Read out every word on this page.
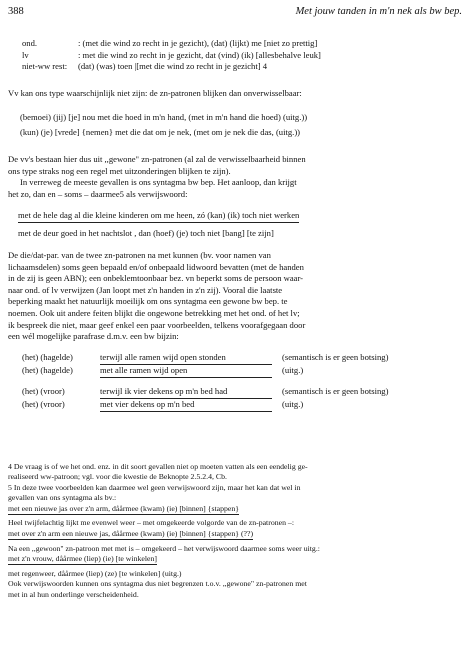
388	Met jouw tanden in m'n nek als bw bep.
ond.	: (met die wind zo recht in je gezicht), (dat) (lijkt) me [niet zo prettig]
lv	: met die wind zo recht in je gezicht, dat (vind) (ik) [allesbehalve leuk]
niet-ww rest:	(dat) (was) toen |[met die wind zo recht in je gezicht] 4
Vv kan ons type waarschijnlijk niet zijn: de zn-patronen blijken dan onverwisselbaar:
(bemoei) (jij) [je] nou met die hoed in m'n hand, (met in m'n hand die hoed) (uitg.))
(kun) (je) [vrede] {nemen} met die dat om je nek, (met om je nek die das, (uitg.))
De vv's bestaan hier dus uit ,,gewone" zn-patronen (al zal de verwisselbaarheid binnen
ons type straks nog een regel met uitzonderingen blijken te zijn).
In verreweg de meeste gevallen is ons syntagma bw bep. Het aanloop, dan krijgt
het zo, dan en – soms – daarmee5 als verwijswoord:
met de hele dag al die kleine kinderen om me heen, zó (kan) (ik) toch niet werken
met de deur goed in het nachtslot , dan (hoef) (je) toch niet [bang] [te zijn]
De die/dat-par. van de twee zn-patronen na met kunnen (bv. voor namen van
lichaamsdelen) soms geen bepaald en/of onbepaald lidwoord bevatten (met de handen
in de zij is geen ABN); een onbeklemtoonbaar bez. vn beperkt soms de persoon waar-
naar ond. of lv verwijzen (Jan loopt met z'n handen in z'n zij). Vooral die laatste
beperking maakt het natuurlijk moeilijk om ons syntagma een gewone bw bep. te
noemen. Ook uit andere feiten blijkt die ongewone betrekking met het ond. of het lv;
ik bespreek die niet, maar geef enkel een paar voorbeelden, telkens voorafgegaan door
een wél mogelijke parafrase d.m.v. een bw bijzin:
(het) (hagelde)	terwijl alle ramen wijd open stonden	(semantisch is er geen botsing)
(het) (hagelde)	met alle ramen wijd open	(uitg.)
(het) (vroor)	terwijl ik vier dekens op m'n bed had	(semantisch is er geen botsing)
(het) (vroor)	met vier dekens op m'n bed	(uitg.)
4 De vraag is of we het ond. enz. in dit soort gevallen niet op moeten vatten als een eendelig ge-
realiseerd ww-patroon; vgl. voor die kwestie de Beknopte 2.5.2.4, Cb.
5 In deze twee voorbeelden kan daarmee wel geen verwijswoord zijn, maar het kan dat wel in
gevallen van ons syntagma als bv.:
met een nieuwe jas over z'n arm, dåårmee (kwam) (ie) [binnen] {stappen}
Heel twijfelachtig lijkt me evenwel weer – met omgekeerde volgorde van de zn-patronen –:
met over z'n arm een nieuwe jas, dåårmee (kwam) (ie) [binnen] {stappen} (??)
Na een ,,gewoon" zn-patroon met met is – omgekeerd – het verwijswoord daarmee soms weer uitg.:
met z'n vrouw, dåårmee (liep) (ie) [te winkelen]
met regenweer, dåårmee (liep) (ze) [te winkelen] (uitg.)
Ook verwijswoorden kunnen ons syntagma dus niet begrenzen t.o.v. ,,gewone" zn-patronen met
met in al hun onderlinge verscheidenheid.
